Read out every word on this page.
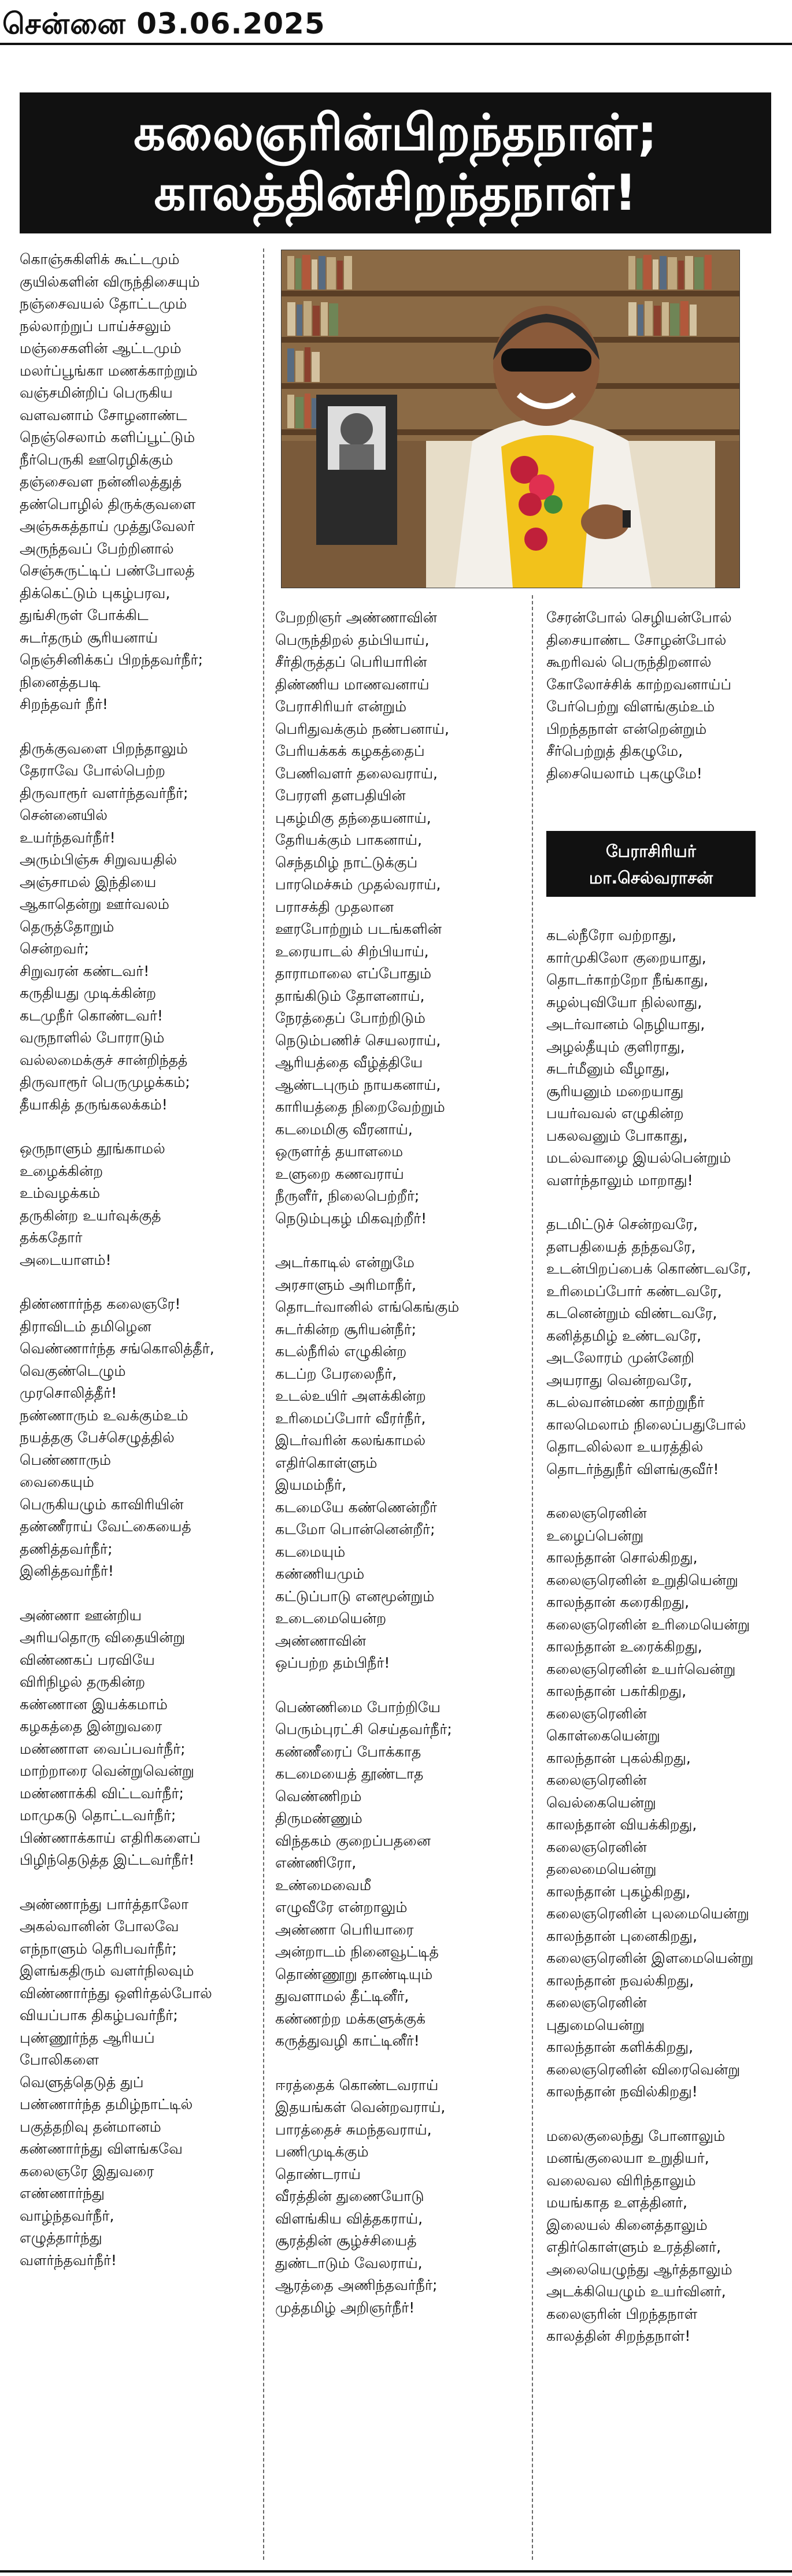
சென்னை 03.06.2025
கலைஞரின்பிறந்தநாள்;
காலத்தின்சிறந்தநாள்!

கொஞ்சுகிளிக் கூட்டமும்
குயில்களின் விருந்திசையும்
நஞ்சைவயல் தோட்டமும்
நல்லாற்றுப் பாய்ச்சலும்
மஞ்சைகளின் ஆட்டமும்
மலர்ப்பூங்கா மணக்காற்றும்
வஞ்சமின்றிப் பெருகிய
வளவனாம் சோழனாண்ட
நெஞ்செலாம் களிப்பூட்டும்
நீர்பெருகி ஊரெழிக்கும்
தஞ்சைவள நன்னிலத்துத்
தண்பொழில் திருக்குவளை
அஞ்சுகத்தாய் முத்துவேலர்
அருந்தவப் பேற்றினால்
செஞ்சுருட்டிப் பண்போலத்
திக்கெட்டும் புகழ்பரவ,
துங்சிருள் போக்கிட
சுடர்தரும் சூரியனாய்
நெஞ்சினிக்கப் பிறந்தவர்நீர்;
நினைத்தபடி
சிறந்தவர் நீர்!

திருக்குவளை பிறந்தாலும்
தேராவே போல்பெற்ற
திருவாரூர் வளர்ந்தவர்நீர்;
சென்னையில்
உயர்ந்தவர்நீர்!
அரும்பிஞ்சு சிறுவயதில்
அஞ்சாமல் இந்தியை
ஆகாதென்று ஊர்வலம்
தெருத்தோறும்
சென்றவர்;
சிறுவரன் கண்டவர்!
கருதியது முடிக்கின்ற
கடமுநீர் கொண்டவர்!
வருநாளில் போராடும்
வல்லமைக்குச் சான்றிந்தத்
திருவாரூர் பெருமுழக்கம்;
தீயாகித் தருங்கலக்கம்!

ஒருநாளும் தூங்காமல்
உழைக்கின்ற
உம்வழக்கம்
தருகின்ற உயர்வுக்குத்
தக்கதோர்
அடையாளம்!

திண்ணார்ந்த கலைஞரே!
திராவிடம் தமிழென
வெண்ணார்ந்த சங்கொலித்தீர்,
வெகுண்டெழும்
முரசொலித்தீர்!
நண்ணாரும் உவக்கும்உம்
நயத்தகு பேச்செழுத்தில்
பெண்ணாரும்
வைகையும்
பெருகியழும் காவிரியின்
தண்ணீராய் வேட்கையைத்
தணித்தவர்நீர்;
இனித்தவர்நீர்!

அண்ணா ஊன்றிய
அரியதொரு விதையின்று
விண்ணகப் பரவியே
விரிநிழல் தருகின்ற
கண்ணான இயக்கமாம்
கழகத்தை இன்றுவரை
மண்ணாள வைப்பவர்நீர்;
மாற்றாரை வென்றுவென்று
மண்ணாக்கி விட்டவர்நீர்;
மாமுகடு தொட்டவர்நீர்;
பிண்ணாக்காய் எதிரிகளைப்
பிழிந்தெடுத்த இட்டவர்நீர்!

அண்ணாந்து பார்த்தாலோ
அகல்வானின் போலவே
எந்நாளும் தெரிபவர்நீர்;
இளங்கதிரும் வளர்நிலவும்
விண்ணார்ந்து ஒளிர்தல்போல்
வியப்பாக திகழ்பவர்நீர்;
புண்ணூர்ந்த ஆரியப்
போலிகளை
வெளுத்தெடுத் துப்
பண்ணார்ந்த தமிழ்நாட்டில்
பகுத்தறிவு தன்மானம்
கண்ணார்ந்து விளங்கவே
கலைஞரே இதுவரை
எண்ணார்ந்து
வாழ்ந்தவர்நீர்,
எழுத்தார்ந்து
வளர்ந்தவர்நீர்!

பேறறிஞர் அண்ணாவின்
பெருந்திறல் தம்பியாய்,
சீர்திருத்தப் பெரியாரின்
திண்ணிய மாணவனாய்
பேராசிரியர் என்றும்
பெரிதுவக்கும் நண்பனாய்,
பேரியக்கக் கழகத்தைப்
பேணிவளர் தலைவராய்,
பேரரளி தளபதியின்
புகழ்மிகு தந்தையனாய்,
தேரியக்கும் பாகனாய்,
செந்தமிழ் நாட்டுக்குப்
பாரமெச்சும் முதல்வராய்,
பராசக்தி முதலான
ஊரபோற்றும் படங்களின்
உரையாடல் சிற்பியாய்,
தாராமாலை எப்போதும்
தாங்கிடும் தோளனாய்,
நேரத்தைப் போற்றிடும்
நெடும்பணிச் செயலராய்,
ஆரியத்தை வீழ்த்தியே
ஆண்டபுரும் நாயகனாய்,
காரியத்தை நிறைவேற்றும்
கடமைமிகு வீரனாய்,
ஒருளர்த் தயாளமை
உளுறை கணவராய்
நீருளீர், நிலைபெற்றீர்;
நெடும்புகழ் மிகவுற்றீர்!

அடர்காடில் என்றுமே
அரசாளும் அரிமாநீர்,
தொடர்வானில் எங்கெங்கும்
சுடர்கின்ற சூரியன்நீர்;
கடல்நீரில் எழுகின்ற
கடப்ற பேரலைநீர்,
உடல்உயிர் அளக்கின்ற
உரிமைப்போர் வீரர்நீர்,
இடர்வரின் கலங்காமல்
எதிர்கொள்ளும்
இயமம்நீர்,
கடமையே கண்ணென்றீர்
கடமோ பொன்னென்றீர்;
கடமையும்
கண்ணியமும்
கட்டுப்பாடு எனமூன்றும்
உடைமையென்ற
அண்ணாவின்
ஒப்பற்ற தம்பிநீர்!

பெண்ணிமை போற்றியே
பெரும்புரட்சி செய்தவர்நீர்;
கண்ணீரைப் போக்காத
கடமையைத் தூண்டாத
வெண்ணிறம்
திருமண்ணும்
விந்தகம் குறைப்பதனை
எண்ணிரோ,
உண்மைவைமீ
எழுவீரே என்றாலும்
அண்ணா பெரியாரை
அன்றாடம் நினைவூட்டித்
தொண்ணூறு தாண்டியும்
துவளாமல் தீட்டினீர்,
கண்ணற்ற மக்களுக்குக்
கருத்துவழி காட்டினீர்!

ஈரத்தைக் கொண்டவராய்
இதயங்கள் வென்றவராய்,
பாரத்தைச் சுமந்தவராய்,
பணிமுடிக்கும்
தொண்டராய்
வீரத்தின் துணையோடு
விளங்கிய வித்தகராய்,
சூரத்தின் சூழ்ச்சியைத்
துண்டாடும் வேலராய்,
ஆரத்தை அணிந்தவர்நீர்;
முத்தமிழ் அறிஞர்நீர்!

சேரன்போல் செழியன்போல்
திசையாண்ட சோழன்போல்
கூறரிவல் பெருந்திறனால்
கோலோச்சிக் காற்றவனாய்ப்
பேர்பெற்று விளங்கும்உம்
பிறந்தநாள் என்றென்றும்
சீர்பெற்றுத் திகழுமே,
திசையெலாம் புகழுமே!

பேராசிரியர்
மா.செல்வராசன்

கடல்நீரோ வற்றாது,
கார்முகிலோ குறையாது,
தொடர்காற்றோ நீங்காது,
சுழல்புவியோ நில்லாது,
அடர்வானம் நெழியாது,
அழல்தீயும் குளிராது,
சுடர்மீனும் வீழாது,
சூரியனும் மறையாது
பயர்வவல் எழுகின்ற
பகலவனும் போகாது,
மடல்வாழை இயல்பென்றும்
வளர்ந்தாலும் மாறாது!

தடமிட்டுச் சென்றவரே,
தளபதியைத் தந்தவரே,
உடன்பிறப்பைக் கொண்டவரே,
உரிமைப்போர் கண்டவரே,
கடனென்றும் விண்டவரே,
கனித்தமிழ் உண்டவரே,
அடலோரம் முன்னேறி
அயராது வென்றவரே,
கடல்வான்மண் காற்றுநீர்
காலமெலாம் நிலைப்பதுபோல்
தொடலில்லா உயரத்தில்
தொடர்ந்துநீர் விளங்குவீர்!

கலைஞரெனின்
உழைப்பென்று
காலந்தான் சொல்கிறது,
கலைஞரெனின் உறுதியென்று
காலந்தான் கரைகிறது,
கலைஞரெனின் உரிமையென்று
காலந்தான் உரைக்கிறது,
கலைஞரெனின் உயர்வென்று
காலந்தான் பகர்கிறது,
கலைஞரெனின்
கொள்கையென்று
காலந்தான் புகல்கிறது,
கலைஞரெனின்
வெல்கையென்று
காலந்தான் வியக்கிறது,
கலைஞரெனின்
தலைமையென்று
காலந்தான் புகழ்கிறது,
கலைஞரெனின் புலமையென்று
காலந்தான் புனைகிறது,
கலைஞரெனின் இளமையென்று
காலந்தான் நவல்கிறது,
கலைஞரெனின்
புதுமையென்று
காலந்தான் களிக்கிறது,
கலைஞரெனின் விரைவென்று
காலந்தான் நவில்கிறது!

மலைகுலைந்து போனாலும்
மனங்குலையா உறுதியர்,
வலைவல விரிந்தாலும்
மயங்காத உளத்தினர்,
இலையல் கினைத்தாலும்
எதிர்கொள்ளும் உரத்தினர்,
அலையெழுந்து ஆர்த்தாலும்
அடக்கியெழும் உயர்வினர்,
கலைஞரின் பிறந்தநாள்
காலத்தின் சிறந்தநாள்!
